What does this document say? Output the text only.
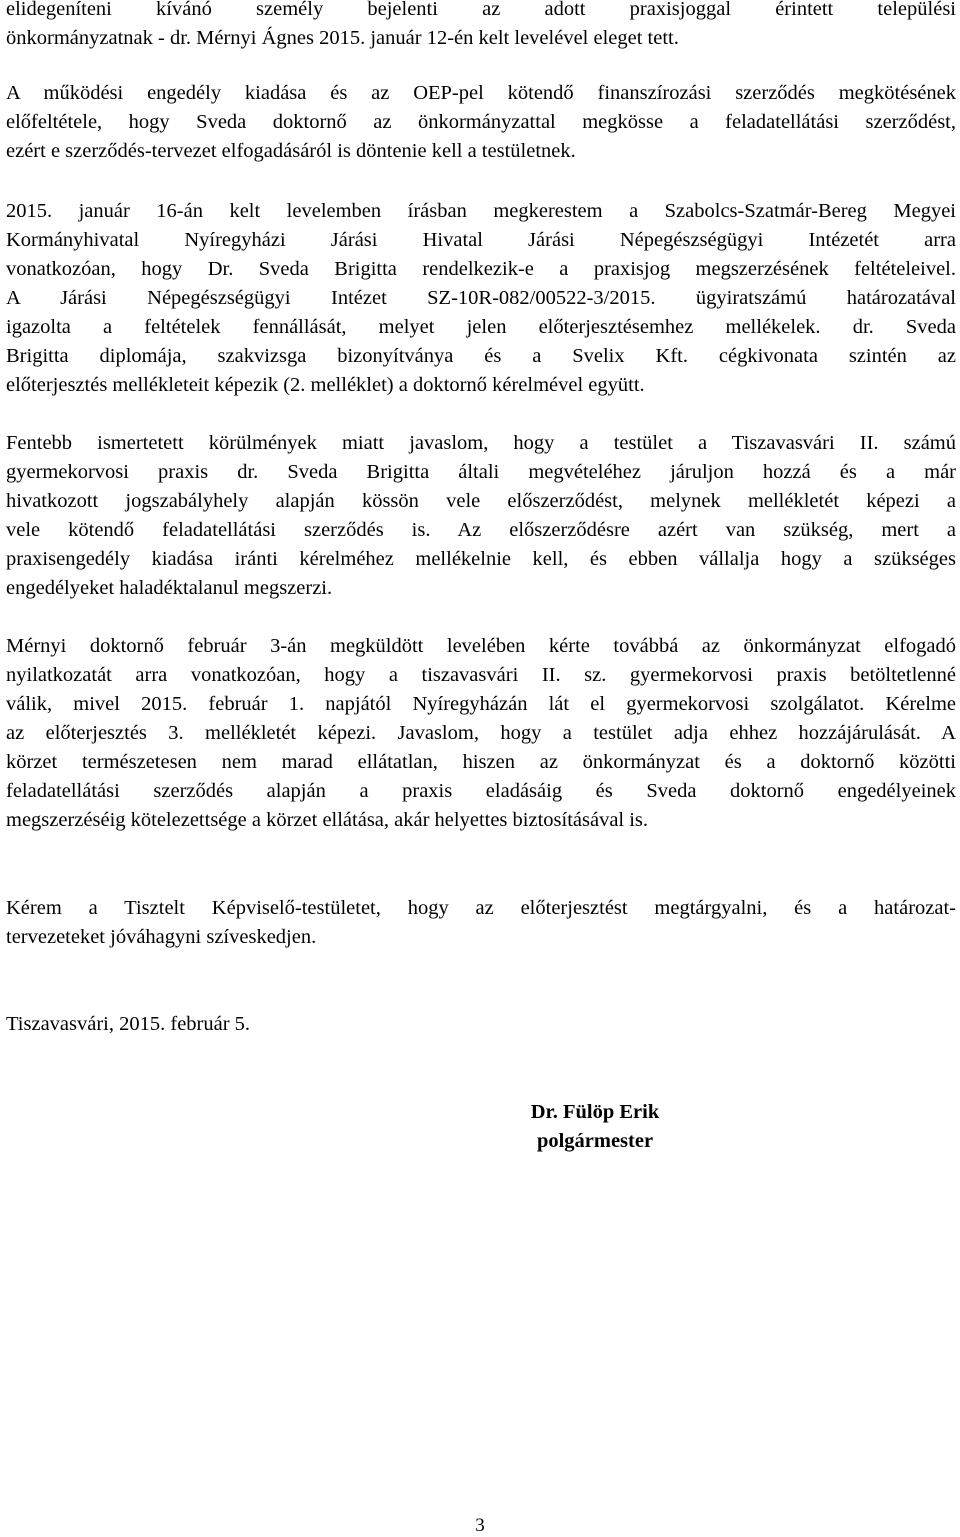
elidegeníteni kívánó személy bejelenti az adott praxisjoggal érintett települési
önkormányzatnak - dr. Mérnyi Ágnes 2015. január 12-én kelt levelével eleget tett.

A működési engedély kiadása és az OEP-pel kötendő finanszírozási szerződés megkötésének
előfeltétele, hogy Sveda doktornő az önkormányzattal megkösse a feladatellátási szerződést,
ezért e szerződés-tervezet elfogadásáról is döntenie kell a testületnek.

2015. január 16-án kelt levelemben írásban megkerestem a Szabolcs-Szatmár-Bereg Megyei
Kormányhivatal Nyíregyházi Járási Hivatal Járási Népegészségügyi Intézetét arra
vonatkozóan, hogy Dr. Sveda Brigitta rendelkezik-e a praxisjog megszerzésének feltételeivel.
A Járási Népegészségügyi Intézet SZ-10R-082/00522-3/2015. ügyiratszámú határozatával
igazolta a feltételek fennállását, melyet jelen előterjesztésemhez mellékelek. dr. Sveda
Brigitta diplomája, szakvizsga bizonyítványa és a Svelix Kft. cégkivonata szintén az
előterjesztés mellékleteit képezik (2. melléklet) a doktornő kérelmével együtt.

Fentebb ismertetett körülmények miatt javaslom, hogy a testület a Tiszavasvári II. számú
gyermekorvosi praxis dr. Sveda Brigitta általi megvételéhez járuljon hozzá és a már
hivatkozott jogszabályhely alapján kössön vele előszerződést, melynek mellékletét képezi a
vele kötendő feladatellátási szerződés is. Az előszerződésre azért van szükség, mert a
praxisengedély kiadása iránti kérelméhez mellékelnie kell, és ebben vállalja hogy a szükséges
engedélyeket haladéktalanul megszerzi.

Mérnyi doktornő február 3-án megküldött levelében kérte továbbá az önkormányzat elfogadó
nyilatkozatát arra vonatkozóan, hogy a tiszavasvári II. sz. gyermekorvosi praxis betöltetlenné
válik, mivel 2015. február 1. napjától Nyíregyházán lát el gyermekorvosi szolgálatot. Kérelme
az előterjesztés 3. mellékletét képezi. Javaslom, hogy a testület adja ehhez hozzájárulását. A
körzet természetesen nem marad ellátatlan, hiszen az önkormányzat és a doktornő közötti
feladatellátási szerződés alapján a praxis eladásáig és Sveda doktornő engedélyeinek
megszerzéséig kötelezettsége a körzet ellátása, akár helyettes biztosításával is.

Kérem a Tisztelt Képviselő-testületet, hogy az előterjesztést megtárgyalni, és a határozat-
tervezeteket jóváhagyni szíveskedjen.

Tiszavasvári, 2015. február 5.

Dr. Fülöp Erik
polgármester
3
